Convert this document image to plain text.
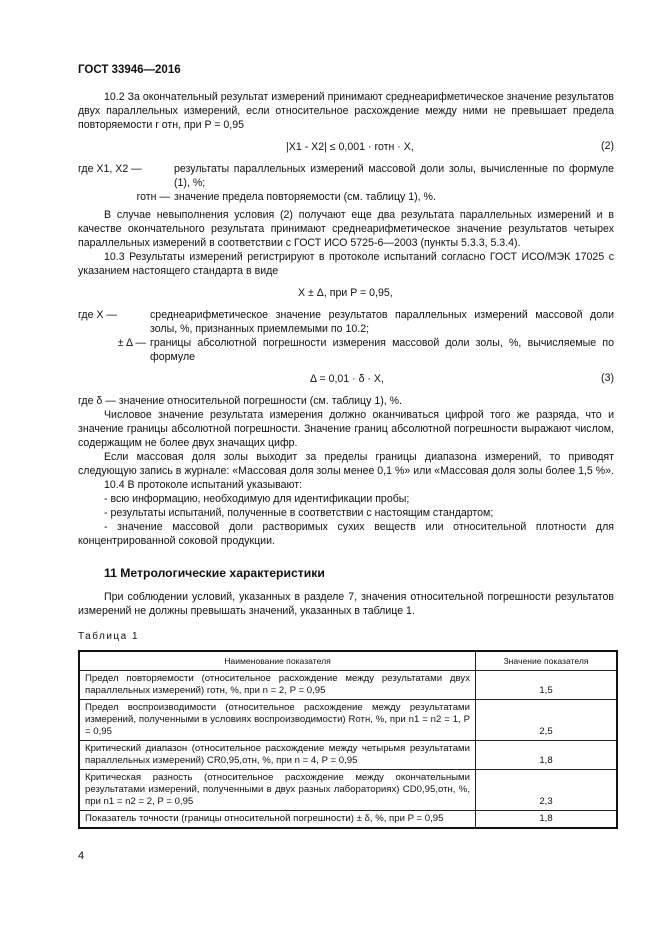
ГОСТ 33946—2016

10.2 За окончательный результат измерений принимают среднеарифметическое значение результатов двух параллельных измерений, если относительное расхождение между ними не превышает предела повторяемости r отн, при P = 0,95

|X1 - X2| ≤ 0,001 · rотн · X,	(2)
где X1, X2 —	результаты параллельных измерений массовой доли золы, вычисленные по формуле (1), %;
rотн — значение предела повторяемости (см. таблицу 1), %.

В случае невыполнения условия (2) получают еще два результата параллельных измерений и в качестве окончательного результата принимают среднеарифметическое значение результатов четырех параллельных измерений в соответствии с ГОСТ ИСО 5725-6—2003 (пункты 5.3.3, 5.3.4).

10.3 Результаты измерений регистрируют в протоколе испытаний согласно ГОСТ ИСО/МЭК 17025 с указанием настоящего стандарта в виде

X ± Δ, при P = 0,95,
где X —	среднеарифметическое значение результатов параллельных измерений массовой доли золы, %, признанных приемлемыми по 10.2;
± Δ — границы абсолютной погрешности измерения массовой доли золы, %, вычисляемые по формуле
Δ = 0,01 · δ · X,	(3)

где δ — значение относительной погрешности (см. таблицу 1), %.

Числовое значение результата измерения должно оканчиваться цифрой того же разряда, что и значение границы абсолютной погрешности. Значение границ абсолютной погрешности выражают числом, содержащим не более двух значащих цифр.

Если массовая доля золы выходит за пределы границы диапазона измерений, то приводят следующую запись в журнале: «Массовая доля золы менее 0,1 %» или «Массовая доля золы более 1,5 %».

10.4 В протоколе испытаний указывают:

- всю информацию, необходимую для идентификации пробы;

- результаты испытаний, полученные в соответствии с настоящим стандартом;

- значение массовой доли растворимых сухих веществ или относительной плотности для концентрированной соковой продукции.

11 Метрологические характеристики

При соблюдении условий, указанных в разделе 7, значения относительной погрешности результатов измерений не должны превышать значений, указанных в таблице 1.

Таблица 1
Наименование показателя	Значение показателя
Предел повторяемости (относительное расхождение между результатами двух параллельных измерений) rотн, %, при n = 2, P = 0,95	1,5
Предел воспроизводимости (относительное расхождение между результатами измерений, полученными в условиях воспроизводимости) Rотн, %, при n1 = n2 = 1, P = 0,95	2,5
Критический диапазон (относительное расхождение между четырьмя результатами параллельных измерений) CR0,95,отн, %, при n = 4, P = 0,95	1,8
Критическая разность (относительное расхождение между окончательными результатами измерений, полученными в двух разных лабораториях) CD0,95,отн, %, при n1 = n2 = 2, P = 0,95	2,3
Показатель точности (границы относительной погрешности) ± δ, %, при P = 0,95	1,8
4
